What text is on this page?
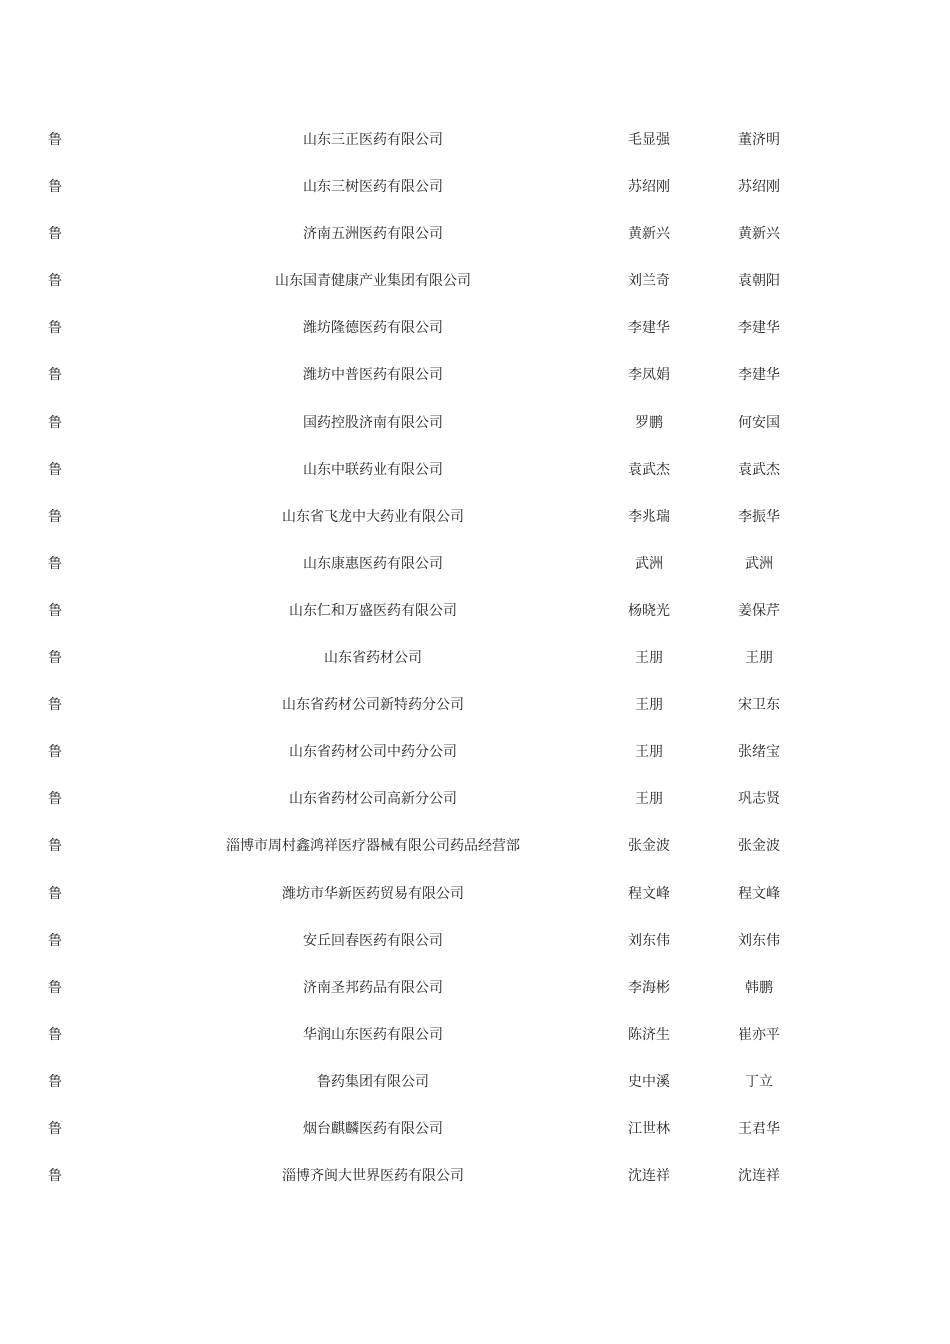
鲁	山东三正医药有限公司	毛显强	董济明
鲁	山东三树医药有限公司	苏绍刚	苏绍刚
鲁	济南五洲医药有限公司	黄新兴	黄新兴
鲁	山东国青健康产业集团有限公司	刘兰奇	袁朝阳
鲁	潍坊隆德医药有限公司	李建华	李建华
鲁	潍坊中普医药有限公司	李凤娟	李建华
鲁	国药控股济南有限公司	罗鹏	何安国
鲁	山东中联药业有限公司	袁武杰	袁武杰
鲁	山东省飞龙中大药业有限公司	李兆瑞	李振华
鲁	山东康惠医药有限公司	武洲	武洲
鲁	山东仁和万盛医药有限公司	杨晓光	姜保芹
鲁	山东省药材公司	王朋	王朋
鲁	山东省药材公司新特药分公司	王朋	宋卫东
鲁	山东省药材公司中药分公司	王朋	张绪宝
鲁	山东省药材公司高新分公司	王朋	巩志贤
鲁	淄博市周村鑫鸿祥医疗器械有限公司药品经营部	张金波	张金波
鲁	潍坊市华新医药贸易有限公司	程文峰	程文峰
鲁	安丘回春医药有限公司	刘东伟	刘东伟
鲁	济南圣邦药品有限公司	李海彬	韩鹏
鲁	华润山东医药有限公司	陈济生	崔亦平
鲁	鲁药集团有限公司	史中溪	丁立
鲁	烟台麒麟医药有限公司	江世林	王君华
鲁	淄博齐闽大世界医药有限公司	沈连祥	沈连祥
